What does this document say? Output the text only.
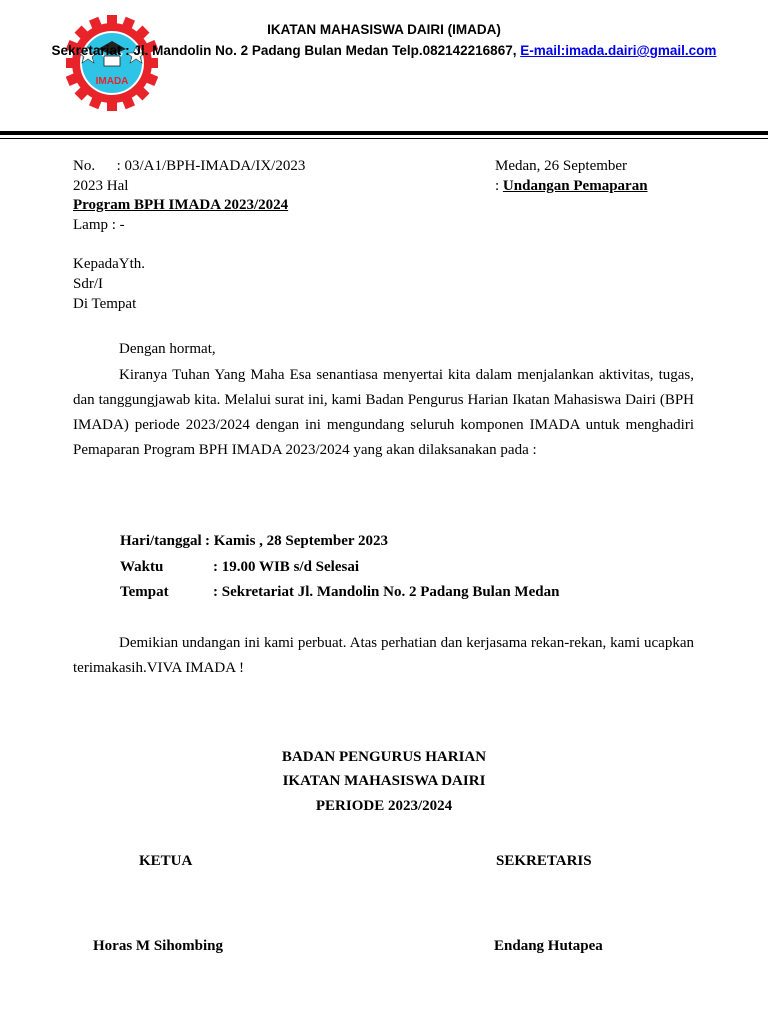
IMADA
IKATAN MAHASISWA DAIRI (IMADA)
Sekretariat : Jl. Mandolin No. 2 Padang Bulan Medan Telp.082142216867, E-mail:imada.dairi@gmail.com
No. : 03/A1/BPH-IMADA/IX/2023	Medan, 26 September
2023 Hal	: Undangan Pemaparan
Program BPH IMADA 2023/2024
Lamp : -
KepadaYth.
Sdr/I
Di Tempat
Dengan hormat,
Kiranya Tuhan Yang Maha Esa senantiasa menyertai kita dalam menjalankan aktivitas, tugas, dan tanggungjawab kita. Melalui surat ini, kami Badan Pengurus Harian Ikatan Mahasiswa Dairi (BPH IMADA) periode 2023/2024 dengan ini mengundang seluruh komponen IMADA untuk menghadiri Pemaparan Program BPH IMADA 2023/2024 yang akan dilaksanakan pada :
Hari/tanggal : Kamis , 28 September 2023
Waktu	: 19.00 WIB s/d Selesai
Tempat	: Sekretariat Jl. Mandolin No. 2 Padang Bulan Medan
Demikian undangan ini kami perbuat. Atas perhatian dan kerjasama rekan-rekan, kami ucapkan terimakasih.VIVA IMADA !
BADAN PENGURUS HARIAN
IKATAN MAHASISWA DAIRI
PERIODE 2023/2024
KETUA	SEKRETARIS
Horas M Sihombing	Endang Hutapea
